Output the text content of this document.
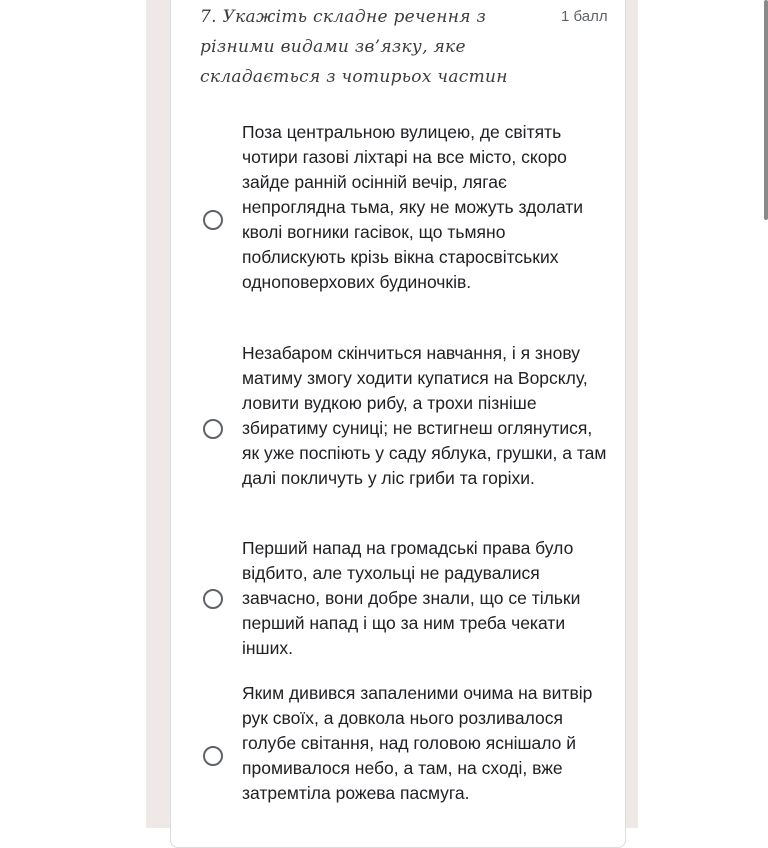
7. Укажіть складне речення з різними видами зв’язку, яке складається з чотирьох частин
1 балл
Поза центральною вулицею, де світять чотири газові ліхтарі на все місто, скоро зайде ранній осінній вечір, лягає непроглядна тьма, яку не можуть здолати кволі вогники гасівок, що тьмяно поблискують крізь вікна старосвітських одноповерхових будиночків.
Незабаром скінчиться навчання, і я знову матиму змогу ходити купатися на Ворсклу, ловити вудкою рибу, а трохи пізніше збиратиму суниці; не встигнеш оглянутися, як уже поспіють у саду яблука, грушки, а там далі покличуть у ліс гриби та горіхи.
Перший напад на громадські права було відбито, але тухольці не радувалися завчасно, вони добре знали, що се тільки перший напад і що за ним треба чекати інших.
Яким дивився запаленими очима на витвір рук своїх, а довкола нього розливалося голубе світання, над головою яснішало й промивалося небо, а там, на сході, вже затремтіла рожева пасмуга.
